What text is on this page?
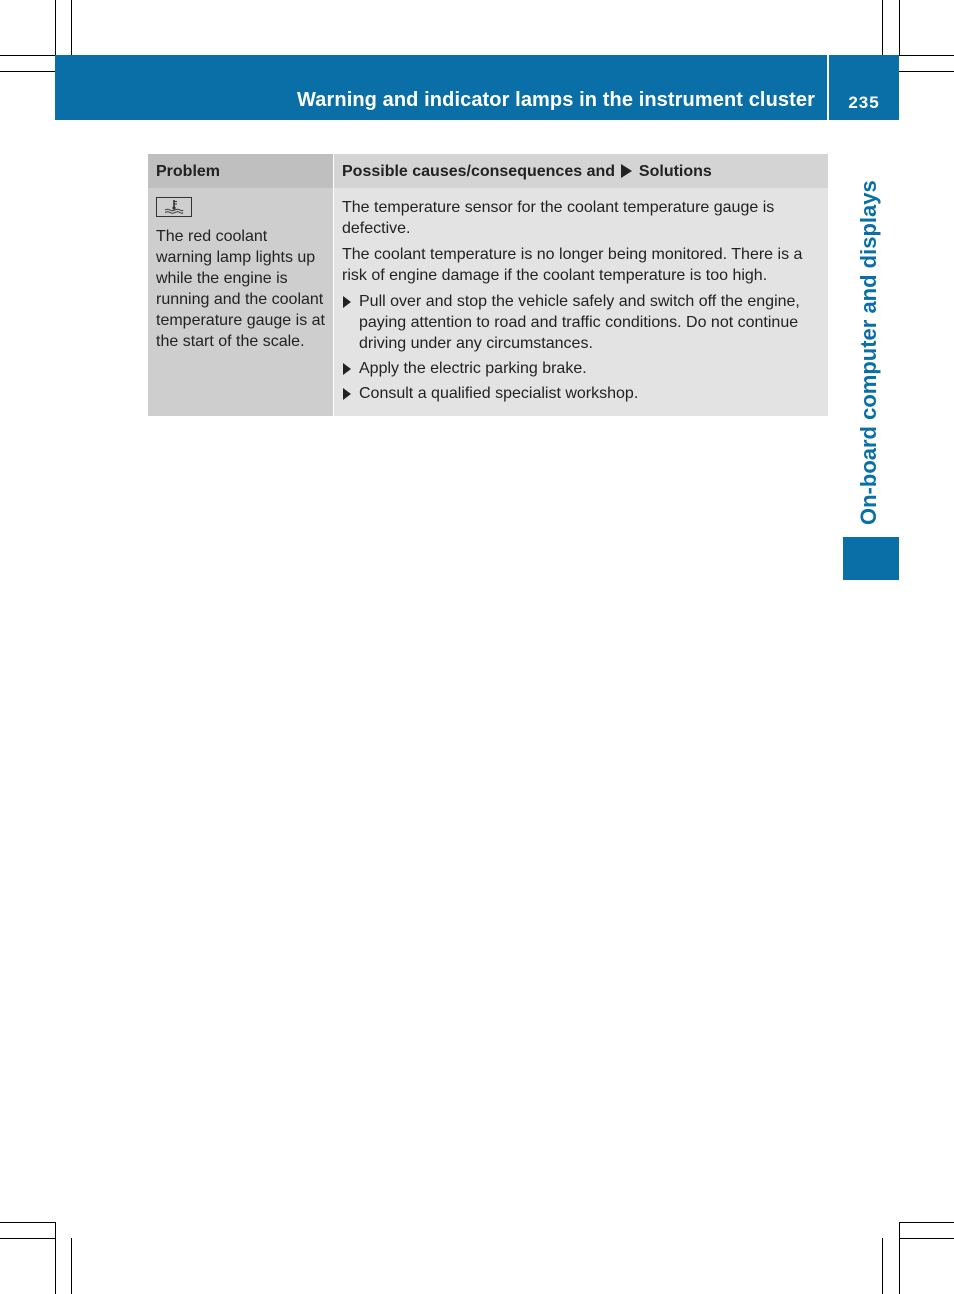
Warning and indicator lamps in the instrument cluster	235
On-board computer and displays
Problem	Possible causes/consequences and Solutions

The red coolant warning lamp lights up while the engine is running and the coolant temperature gauge is at the start of the scale.	The temperature sensor for the coolant temperature gauge is defective.

The coolant temperature is no longer being monitored. There is a risk of engine damage if the coolant temperature is too high.

Pull over and stop the vehicle safely and switch off the engine, paying attention to road and traffic conditions. Do not continue driving under any circumstances.
Apply the electric parking brake.
Consult a qualified specialist workshop.
